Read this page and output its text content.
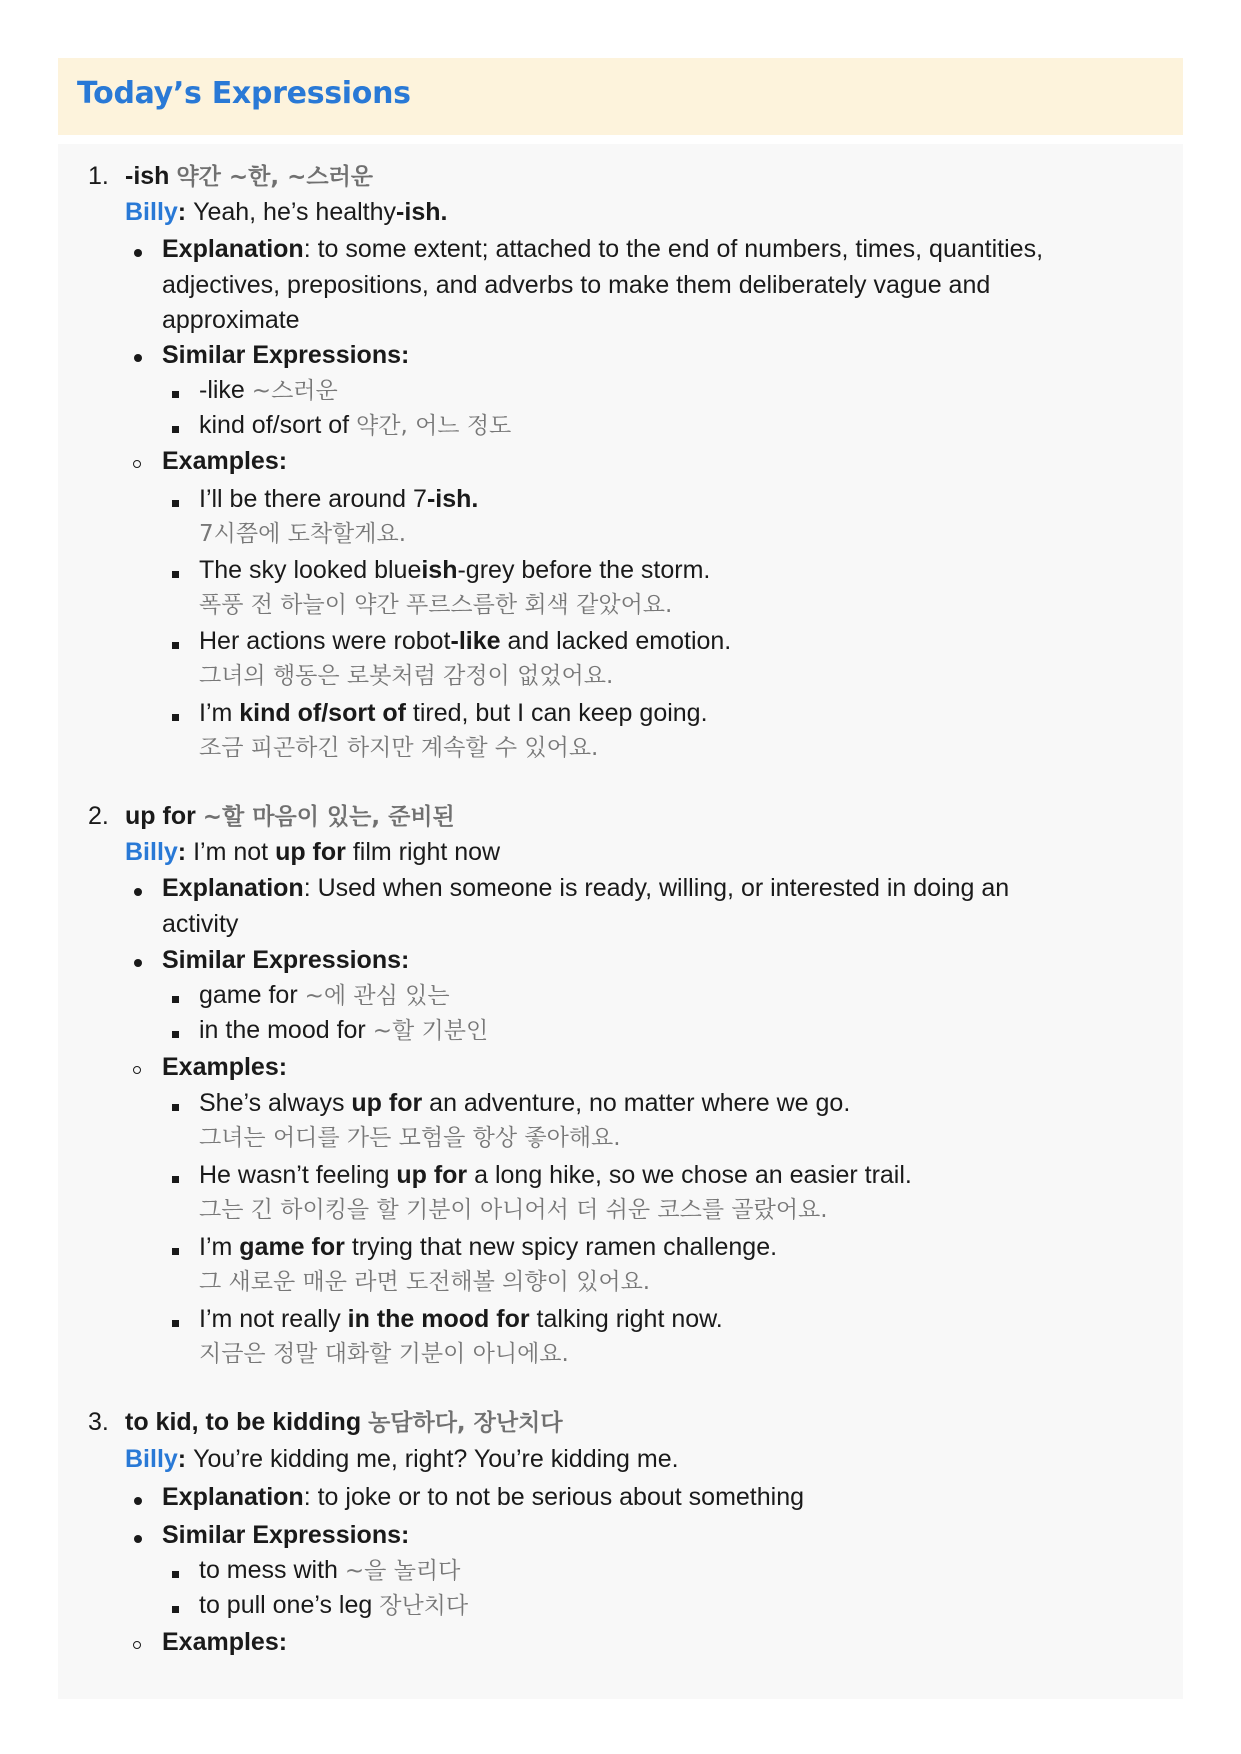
Today’s Expressions
1. -ish 약간 ~한, ~스러운
Billy: Yeah, he’s healthy-ish.
Explanation: to some extent; attached to the end of numbers, times, quantities,
adjectives, prepositions, and adverbs to make them deliberately vague and
approximate
Similar Expressions:
-like ~스러운
kind of/sort of 약간, 어느 정도
Examples:
I’ll be there around 7-ish.
7시쯤에 도착할게요.
The sky looked blueish-grey before the storm.
폭풍 전 하늘이 약간 푸르스름한 회색 같았어요.
Her actions were robot-like and lacked emotion.
그녀의 행동은 로봇처럼 감정이 없었어요.
I’m kind of/sort of tired, but I can keep going.
조금 피곤하긴 하지만 계속할 수 있어요.
2. up for ~할 마음이 있는, 준비된
Billy: I’m not up for film right now
Explanation: Used when someone is ready, willing, or interested in doing an
activity
Similar Expressions:
game for ~에 관심 있는
in the mood for ~할 기분인
Examples:
She’s always up for an adventure, no matter where we go.
그녀는 어디를 가든 모험을 항상 좋아해요.
He wasn’t feeling up for a long hike, so we chose an easier trail.
그는 긴 하이킹을 할 기분이 아니어서 더 쉬운 코스를 골랐어요.
I’m game for trying that new spicy ramen challenge.
그 새로운 매운 라면 도전해볼 의향이 있어요.
I’m not really in the mood for talking right now.
지금은 정말 대화할 기분이 아니에요.
3. to kid, to be kidding 농담하다, 장난치다
Billy: You’re kidding me, right? You’re kidding me.
Explanation: to joke or to not be serious about something
Similar Expressions:
to mess with ~을 놀리다
to pull one’s leg 장난치다
Examples:
